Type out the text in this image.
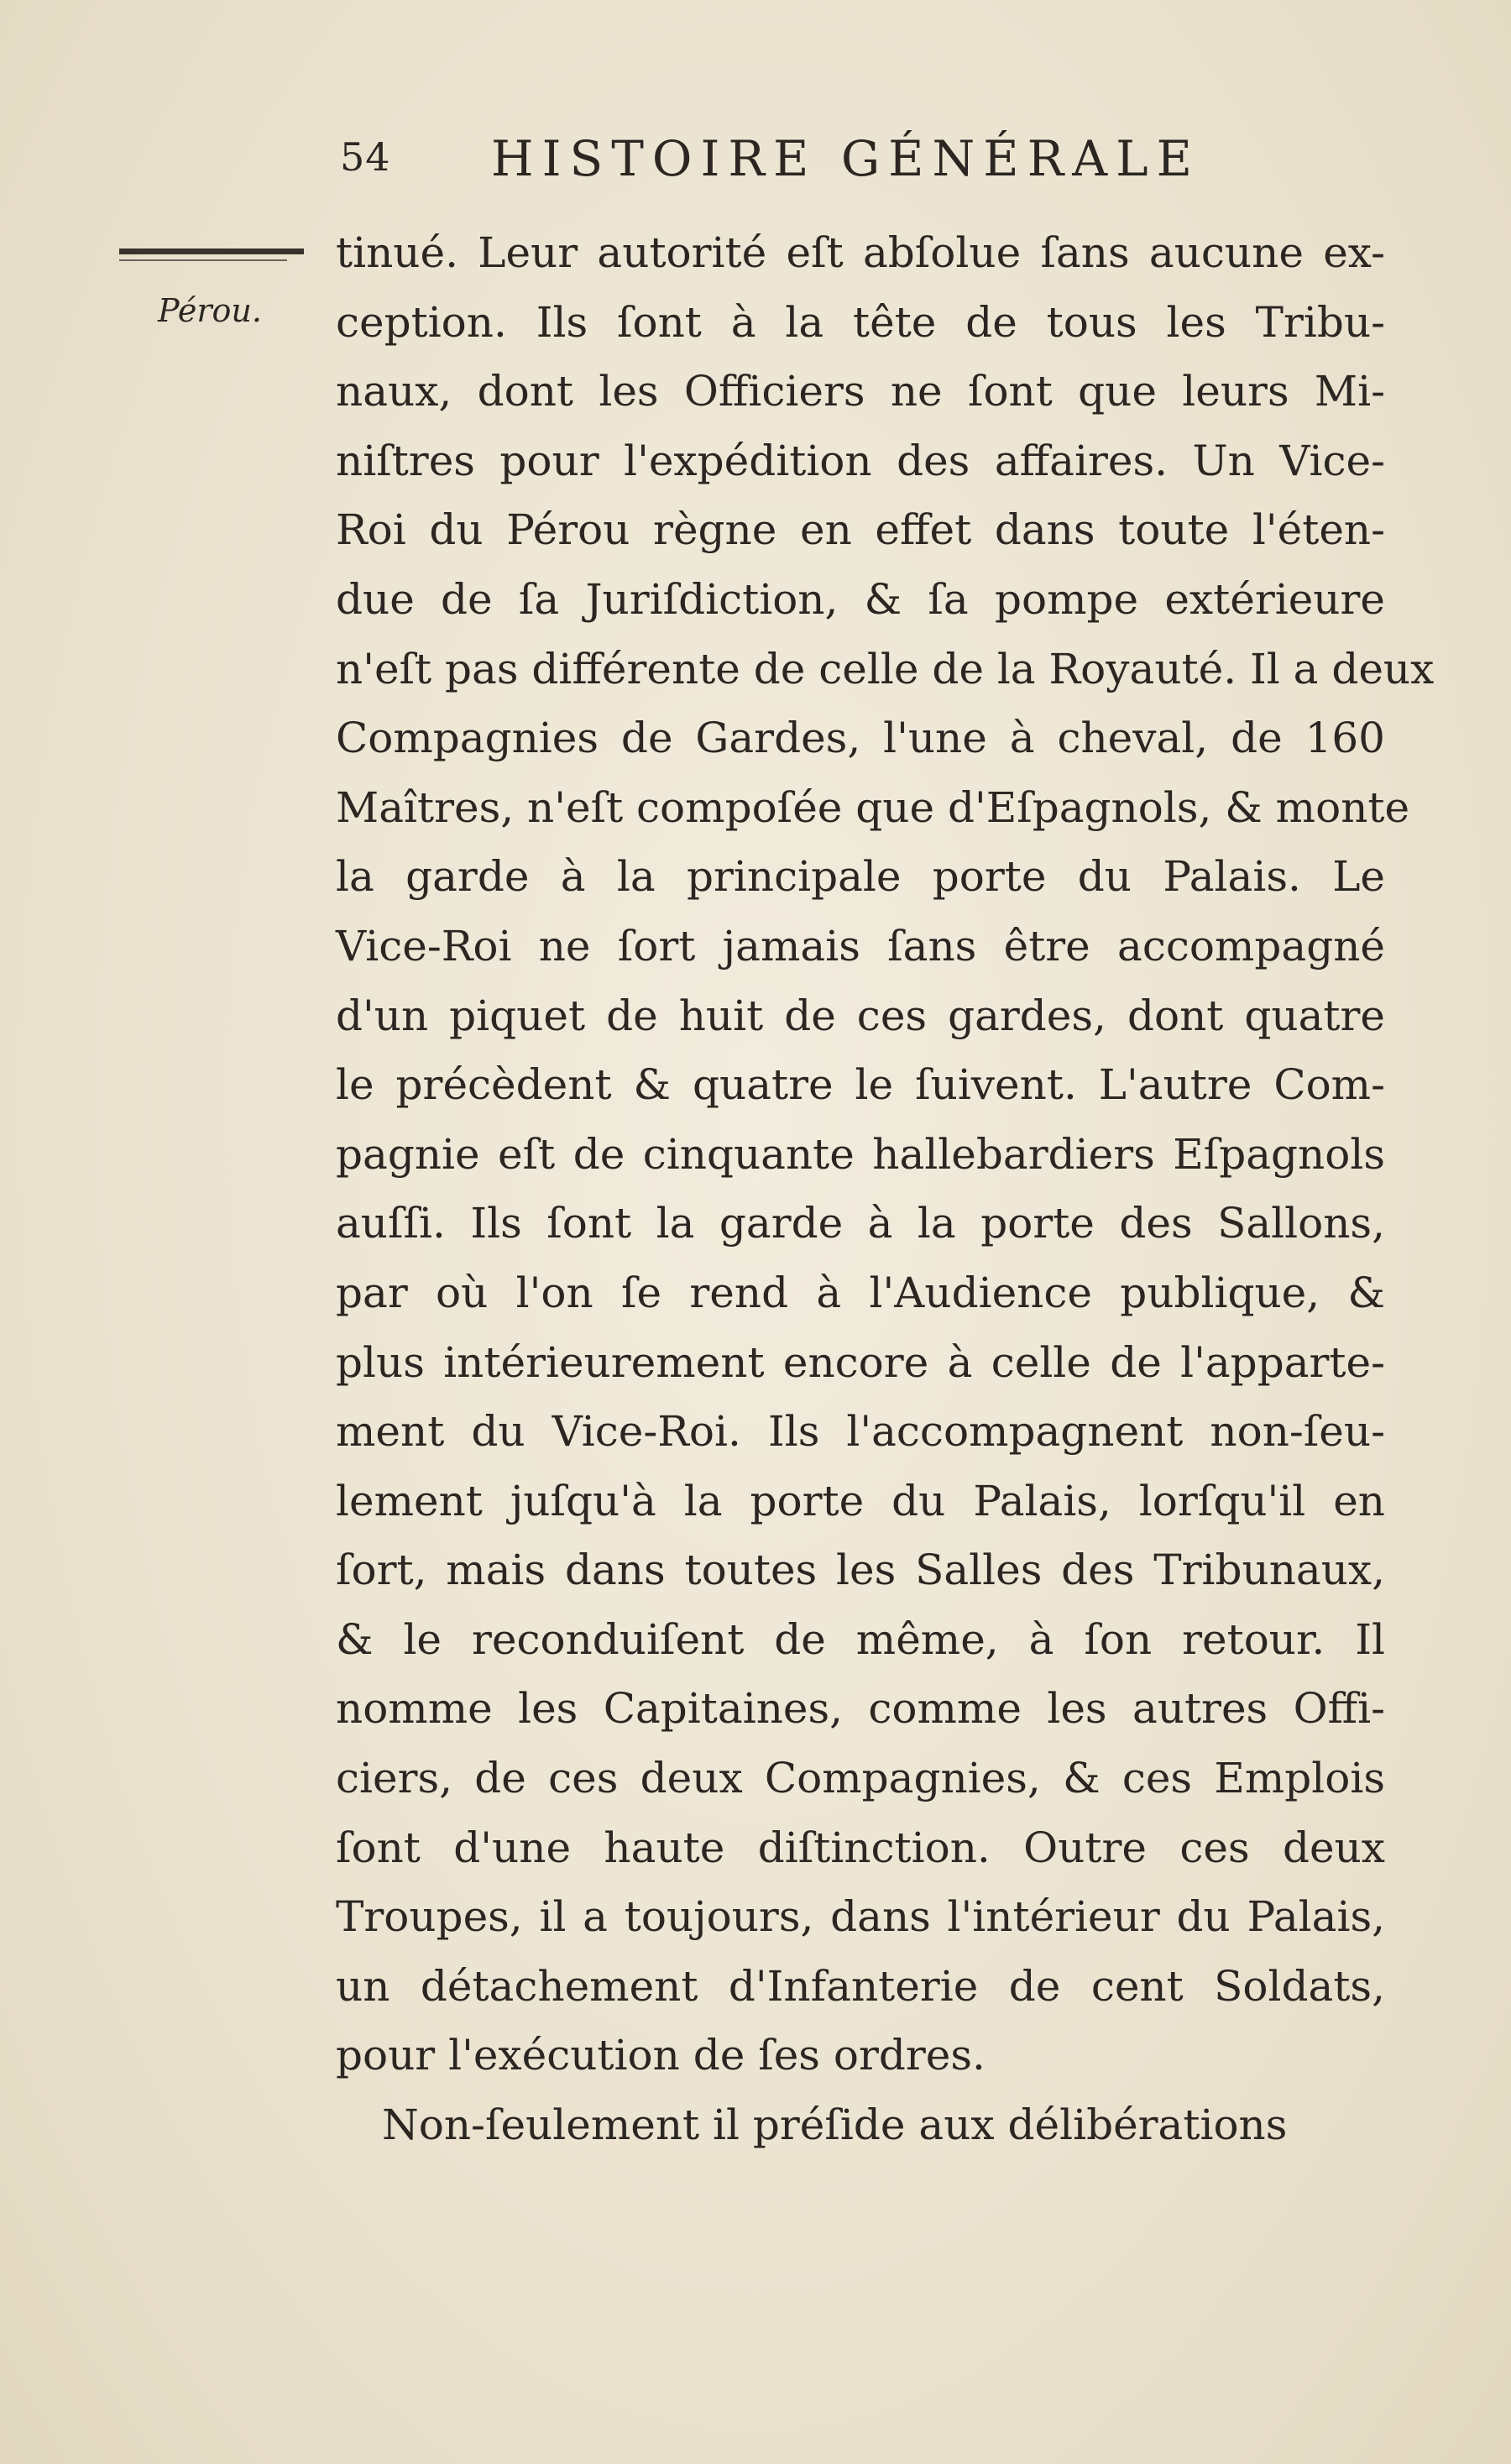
54 HISTOIRE GÉNÉRALE
Pérou.
tinué. Leur autorité eſt abſolue ſans aucune ex-
ception. Ils ſont à la tête de tous les Tribu-
naux, dont les Officiers ne ſont que leurs Mi-
niſtres pour l'expédition des affaires. Un Vice-
Roi du Pérou règne en effet dans toute l'éten-
due de ſa Juriſdiction, & ſa pompe extérieure
n'eſt pas différente de celle de la Royauté. Il a deux
Compagnies de Gardes, l'une à cheval, de 160
Maîtres, n'eſt compoſée que d'Eſpagnols, & monte
la garde à la principale porte du Palais. Le
Vice-Roi ne ſort jamais ſans être accompagné
d'un piquet de huit de ces gardes, dont quatre
le précèdent & quatre le ſuivent. L'autre Com-
pagnie eſt de cinquante hallebardiers Eſpagnols
auſſi. Ils ſont la garde à la porte des Sallons,
par où l'on ſe rend à l'Audience publique, &
plus intérieurement encore à celle de l'apparte-
ment du Vice-Roi. Ils l'accompagnent non-ſeu-
lement juſqu'à la porte du Palais, lorſqu'il en
ſort, mais dans toutes les Salles des Tribunaux,
& le reconduiſent de même, à ſon retour. Il
nomme les Capitaines, comme les autres Offi-
ciers, de ces deux Compagnies, & ces Emplois
ſont d'une haute diſtinction. Outre ces deux
Troupes, il a toujours, dans l'intérieur du Palais,
un détachement d'Infanterie de cent Soldats,
pour l'exécution de ſes ordres.
Non-ſeulement il préſide aux délibérations
